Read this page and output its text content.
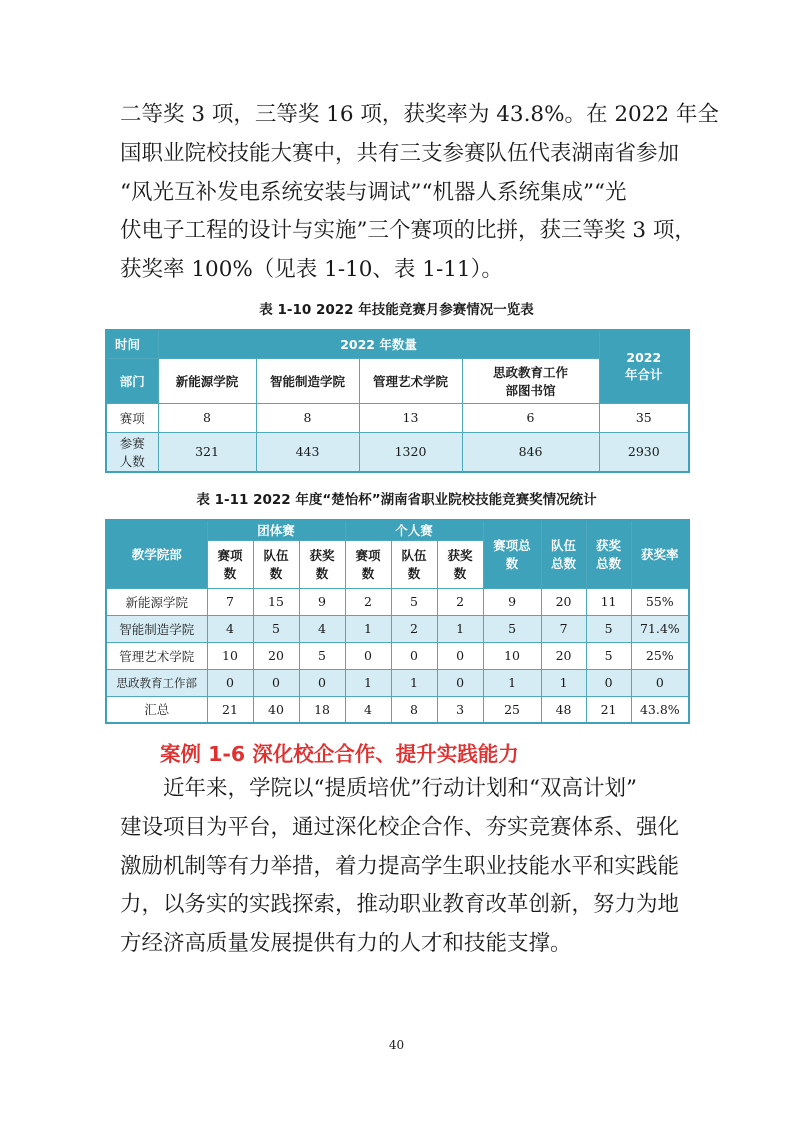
二等奖 3 项，三等奖 16 项，获奖率为 43.8%。在 2022 年全
国职业院校技能大赛中，共有三支参赛队伍代表湖南省参加
“风光互补发电系统安装与调试”“机器人系统集成”“光
伏电子工程的设计与实施”三个赛项的比拼，获三等奖 3 项，
获奖率 100%（见表 1-10、表 1-11）。
表 1-10 2022 年技能竞赛月参赛情况一览表
时间	2022 年数量				2022 年合计
部门	新能源学院	智能制造学院	管理艺术学院	思政教育工作部图书馆	
赛项	8	8	13	6	35
参赛人数	321	443	1320	846	2930
表 1-11 2022 年度“楚怡杯”湖南省职业院校技能竞赛奖情况统计
教学院部	团体赛			个人赛			赛项总数	队伍总数	获奖总数	获奖率
	赛项数	队伍数	获奖数	赛项数	队伍数	获奖数				
新能源学院	7	15	9	2	5	2	9	20	11	55%
智能制造学院	4	5	4	1	2	1	5	7	5	71.4%
管理艺术学院	10	20	5	0	0	0	10	20	5	25%
思政教育工作部	0	0	0	1	1	0	1	1	0	0
汇总	21	40	18	4	8	3	25	48	21	43.8%
案例 1-6 深化校企合作、提升实践能力
近年来，学院以“提质培优”行动计划和“双高计划”
建设项目为平台，通过深化校企合作、夯实竞赛体系、强化
激励机制等有力举措，着力提高学生职业技能水平和实践能
力，以务实的实践探索，推动职业教育改革创新，努力为地
方经济高质量发展提供有力的人才和技能支撑。
40
